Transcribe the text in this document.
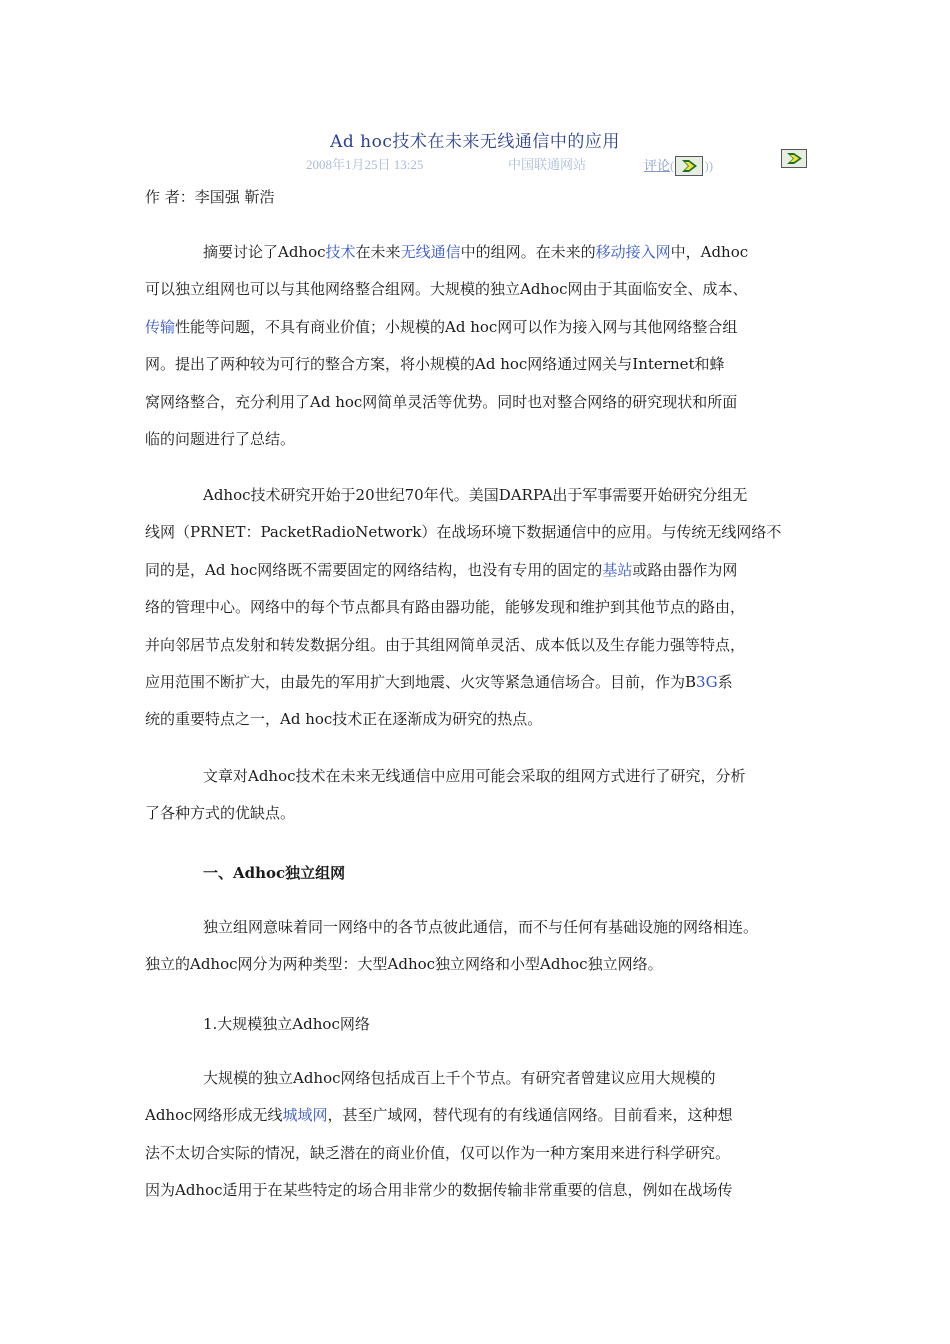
Ad hoc技术在未来无线通信中的应用
2008年1月25日 13:25	中国联通网站	评论( ))
作 者：李国强 靳浩
摘要讨论了Adhoc技术在未来无线通信中的组网。在未来的移动接入网中，Adhoc
可以独立组网也可以与其他网络整合组网。大规模的独立Adhoc网由于其面临安全、成本、
传输性能等问题，不具有商业价值；小规模的Ad hoc网可以作为接入网与其他网络整合组
网。提出了两种较为可行的整合方案，将小规模的Ad hoc网络通过网关与Internet和蜂
窝网络整合，充分利用了Ad hoc网简单灵活等优势。同时也对整合网络的研究现状和所面
临的问题进行了总结。
Adhoc技术研究开始于20世纪70年代。美国DARPA出于军事需要开始研究分组无
线网（PRNET：PacketRadioNetwork）在战场环境下数据通信中的应用。与传统无线网络不
同的是，Ad hoc网络既不需要固定的网络结构，也没有专用的固定的基站或路由器作为网
络的管理中心。网络中的每个节点都具有路由器功能，能够发现和维护到其他节点的路由，
并向邻居节点发射和转发数据分组。由于其组网简单灵活、成本低以及生存能力强等特点，
应用范围不断扩大，由最先的军用扩大到地震、火灾等紧急通信场合。目前，作为B3G系
统的重要特点之一，Ad hoc技术正在逐渐成为研究的热点。
文章对Adhoc技术在未来无线通信中应用可能会采取的组网方式进行了研究，分析
了各种方式的优缺点。
一、Adhoc独立组网
独立组网意味着同一网络中的各节点彼此通信，而不与任何有基础设施的网络相连。
独立的Adhoc网分为两种类型：大型Adhoc独立网络和小型Adhoc独立网络。
1.大规模独立Adhoc网络
大规模的独立Adhoc网络包括成百上千个节点。有研究者曾建议应用大规模的
Adhoc网络形成无线城域网，甚至广域网，替代现有的有线通信网络。目前看来，这种想
法不太切合实际的情况，缺乏潜在的商业价值，仅可以作为一种方案用来进行科学研究。
因为Adhoc适用于在某些特定的场合用非常少的数据传输非常重要的信息，例如在战场传
